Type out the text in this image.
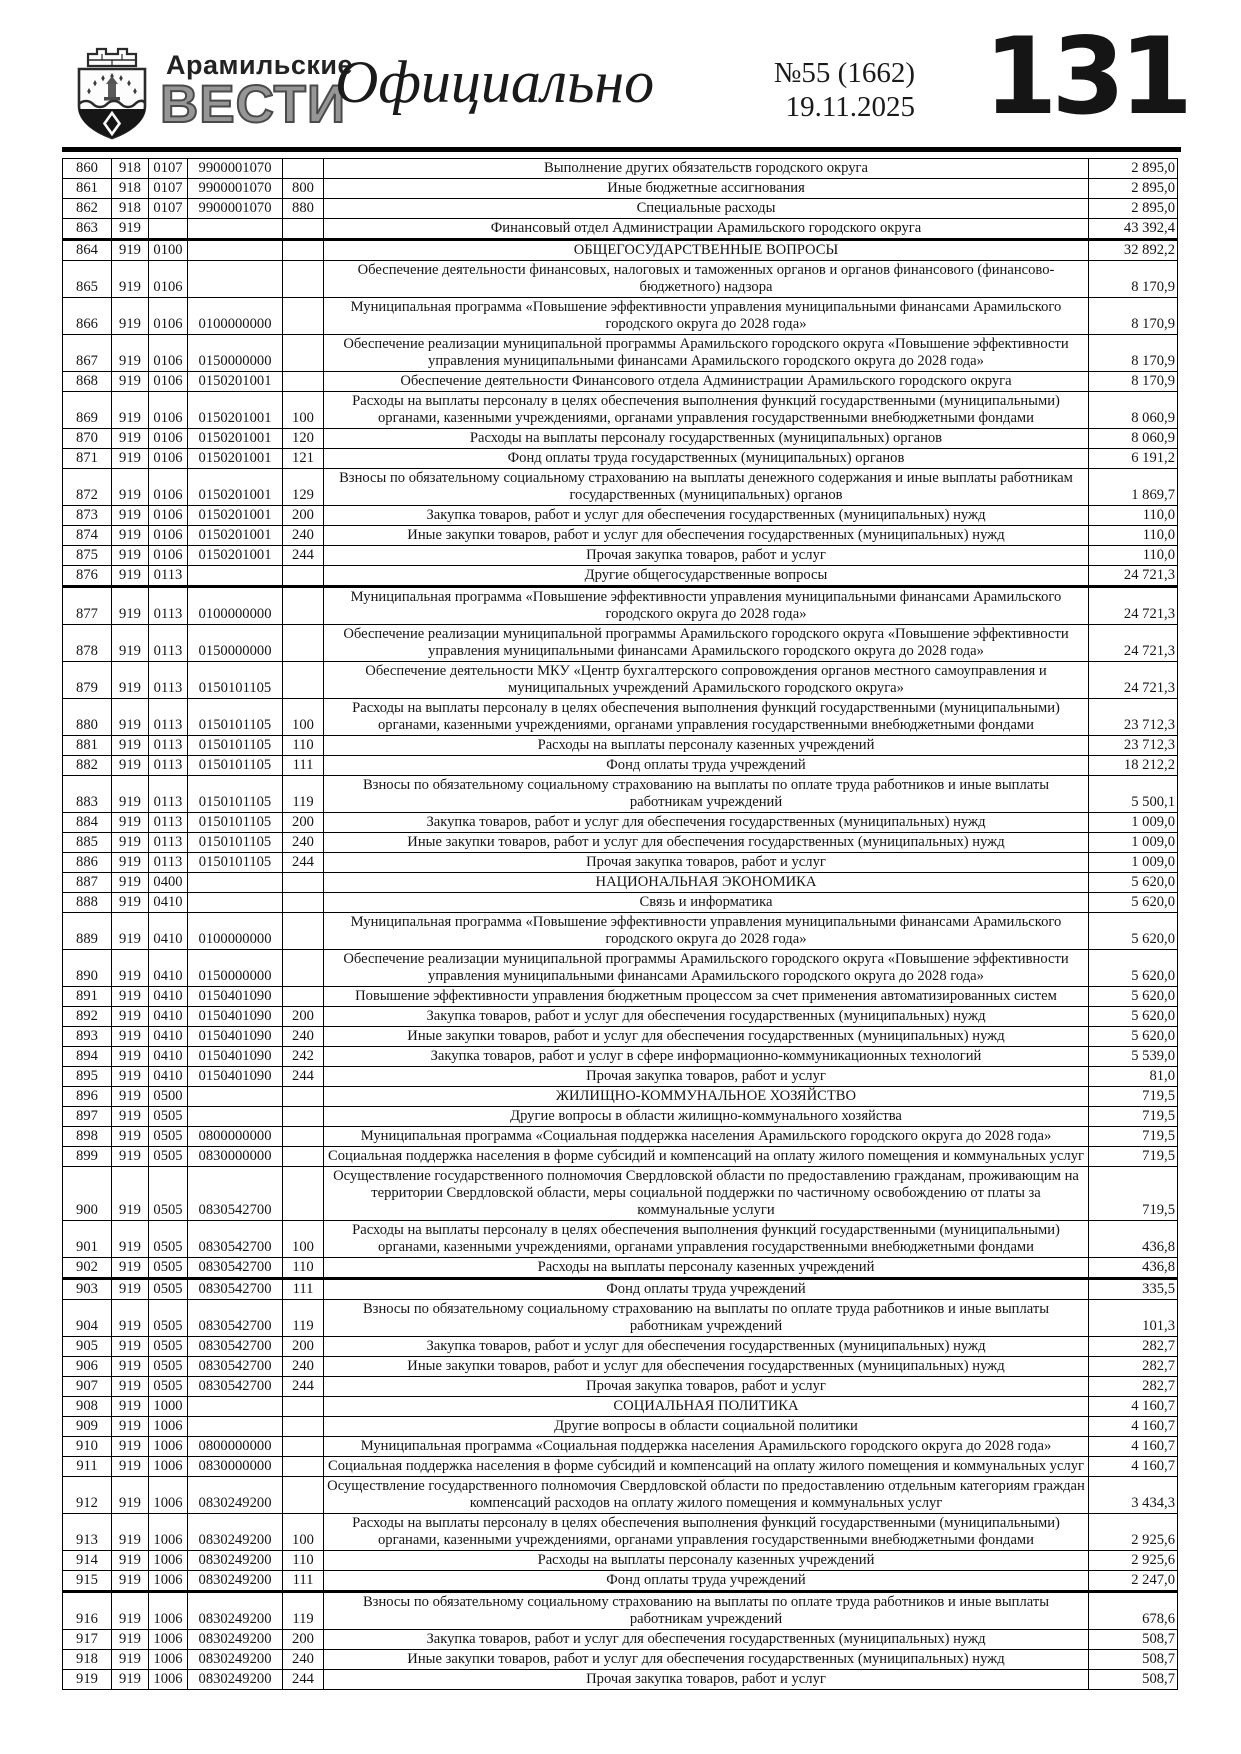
Арамильские
ВЕСТИ
Официально	№55 (1662)
19.11.2025 131
860	918	0107	9900001070		Выполнение других обязательств городского округа	2 895,0
861	918	0107	9900001070	800	Иные бюджетные ассигнования	2 895,0
862	918	0107	9900001070	880	Специальные расходы	2 895,0
863	919				Финансовый отдел Администрации Арамильского городского округа	43 392,4
864	919	0100			ОБЩЕГОСУДАРСТВЕННЫЕ ВОПРОСЫ	32 892,2
865	919	0106			Обеспечение деятельности финансовых, налоговых и таможенных органов и органов финансового (финансово-бюджетного) надзора	8 170,9
866	919	0106	0100000000		Муниципальная программа «Повышение эффективности управления муниципальными финансами Арамильского городского округа до 2028 года»	8 170,9
867	919	0106	0150000000		Обеспечение реализации муниципальной программы Арамильского городского округа «Повышение эффективности управления муниципальными финансами Арамильского городского округа до 2028 года»	8 170,9
868	919	0106	0150201001		Обеспечение деятельности Финансового отдела Администрации Арамильского городского округа	8 170,9
869	919	0106	0150201001	100	Расходы на выплаты персоналу в целях обеспечения выполнения функций государственными (муниципальными) органами, казенными учреждениями, органами управления государственными внебюджетными фондами	8 060,9
870	919	0106	0150201001	120	Расходы на выплаты персоналу государственных (муниципальных) органов	8 060,9
871	919	0106	0150201001	121	Фонд оплаты труда государственных (муниципальных) органов	6 191,2
872	919	0106	0150201001	129	Взносы по обязательному социальному страхованию на выплаты денежного содержания и иные выплаты работникам государственных (муниципальных) органов	1 869,7
873	919	0106	0150201001	200	Закупка товаров, работ и услуг для обеспечения государственных (муниципальных) нужд	110,0
874	919	0106	0150201001	240	Иные закупки товаров, работ и услуг для обеспечения государственных (муниципальных) нужд	110,0
875	919	0106	0150201001	244	Прочая закупка товаров, работ и услуг	110,0
876	919	0113			Другие общегосударственные вопросы	24 721,3
877	919	0113	0100000000		Муниципальная программа «Повышение эффективности управления муниципальными финансами Арамильского городского округа до 2028 года»	24 721,3
878	919	0113	0150000000		Обеспечение реализации муниципальной программы Арамильского городского округа «Повышение эффективности управления муниципальными финансами Арамильского городского округа до 2028 года»	24 721,3
879	919	0113	0150101105		Обеспечение деятельности МКУ «Центр бухгалтерского сопровождения органов местного самоуправления и муниципальных учреждений Арамильского городского округа»	24 721,3
880	919	0113	0150101105	100	Расходы на выплаты персоналу в целях обеспечения выполнения функций государственными (муниципальными) органами, казенными учреждениями, органами управления государственными внебюджетными фондами	23 712,3
881	919	0113	0150101105	110	Расходы на выплаты персоналу казенных учреждений	23 712,3
882	919	0113	0150101105	111	Фонд оплаты труда учреждений	18 212,2
883	919	0113	0150101105	119	Взносы по обязательному социальному страхованию на выплаты по оплате труда работников и иные выплаты работникам учреждений	5 500,1
884	919	0113	0150101105	200	Закупка товаров, работ и услуг для обеспечения государственных (муниципальных) нужд	1 009,0
885	919	0113	0150101105	240	Иные закупки товаров, работ и услуг для обеспечения государственных (муниципальных) нужд	1 009,0
886	919	0113	0150101105	244	Прочая закупка товаров, работ и услуг	1 009,0
887	919	0400			НАЦИОНАЛЬНАЯ ЭКОНОМИКА	5 620,0
888	919	0410			Связь и информатика	5 620,0
889	919	0410	0100000000		Муниципальная программа «Повышение эффективности управления муниципальными финансами Арамильского городского округа до 2028 года»	5 620,0
890	919	0410	0150000000		Обеспечение реализации муниципальной программы Арамильского городского округа «Повышение эффективности управления муниципальными финансами Арамильского городского округа до 2028 года»	5 620,0
891	919	0410	0150401090		Повышение эффективности управления бюджетным процессом за счет применения автоматизированных систем	5 620,0
892	919	0410	0150401090	200	Закупка товаров, работ и услуг для обеспечения государственных (муниципальных) нужд	5 620,0
893	919	0410	0150401090	240	Иные закупки товаров, работ и услуг для обеспечения государственных (муниципальных) нужд	5 620,0
894	919	0410	0150401090	242	Закупка товаров, работ и услуг в сфере информационно-коммуникационных технологий	5 539,0
895	919	0410	0150401090	244	Прочая закупка товаров, работ и услуг	81,0
896	919	0500			ЖИЛИЩНО-КОММУНАЛЬНОЕ ХОЗЯЙСТВО	719,5
897	919	0505			Другие вопросы в области жилищно-коммунального хозяйства	719,5
898	919	0505	0800000000		Муниципальная программа «Социальная поддержка населения Арамильского городского округа до 2028 года»	719,5
899	919	0505	0830000000		Социальная поддержка населения в форме субсидий и компенсаций на оплату жилого помещения и коммунальных услуг	719,5
900	919	0505	0830542700		Осуществление государственного полномочия Свердловской области по предоставлению гражданам, проживающим на территории Свердловской области, меры социальной поддержки по частичному освобождению от платы за коммунальные услуги	719,5
901	919	0505	0830542700	100	Расходы на выплаты персоналу в целях обеспечения выполнения функций государственными (муниципальными) органами, казенными учреждениями, органами управления государственными внебюджетными фондами	436,8
902	919	0505	0830542700	110	Расходы на выплаты персоналу казенных учреждений	436,8
903	919	0505	0830542700	111	Фонд оплаты труда учреждений	335,5
904	919	0505	0830542700	119	Взносы по обязательному социальному страхованию на выплаты по оплате труда работников и иные выплаты работникам учреждений	101,3
905	919	0505	0830542700	200	Закупка товаров, работ и услуг для обеспечения государственных (муниципальных) нужд	282,7
906	919	0505	0830542700	240	Иные закупки товаров, работ и услуг для обеспечения государственных (муниципальных) нужд	282,7
907	919	0505	0830542700	244	Прочая закупка товаров, работ и услуг	282,7
908	919	1000			СОЦИАЛЬНАЯ ПОЛИТИКА	4 160,7
909	919	1006			Другие вопросы в области социальной политики	4 160,7
910	919	1006	0800000000		Муниципальная программа «Социальная поддержка населения Арамильского городского округа до 2028 года»	4 160,7
911	919	1006	0830000000		Социальная поддержка населения в форме субсидий и компенсаций на оплату жилого помещения и коммунальных услуг	4 160,7
912	919	1006	0830249200		Осуществление государственного полномочия Свердловской области по предоставлению отдельным категориям граждан компенсаций расходов на оплату жилого помещения и коммунальных услуг	3 434,3
913	919	1006	0830249200	100	Расходы на выплаты персоналу в целях обеспечения выполнения функций государственными (муниципальными) органами, казенными учреждениями, органами управления государственными внебюджетными фондами	2 925,6
914	919	1006	0830249200	110	Расходы на выплаты персоналу казенных учреждений	2 925,6
915	919	1006	0830249200	111	Фонд оплаты труда учреждений	2 247,0
916	919	1006	0830249200	119	Взносы по обязательному социальному страхованию на выплаты по оплате труда работников и иные выплаты работникам учреждений	678,6
917	919	1006	0830249200	200	Закупка товаров, работ и услуг для обеспечения государственных (муниципальных) нужд	508,7
918	919	1006	0830249200	240	Иные закупки товаров, работ и услуг для обеспечения государственных (муниципальных) нужд	508,7
919	919	1006	0830249200	244	Прочая закупка товаров, работ и услуг	508,7
